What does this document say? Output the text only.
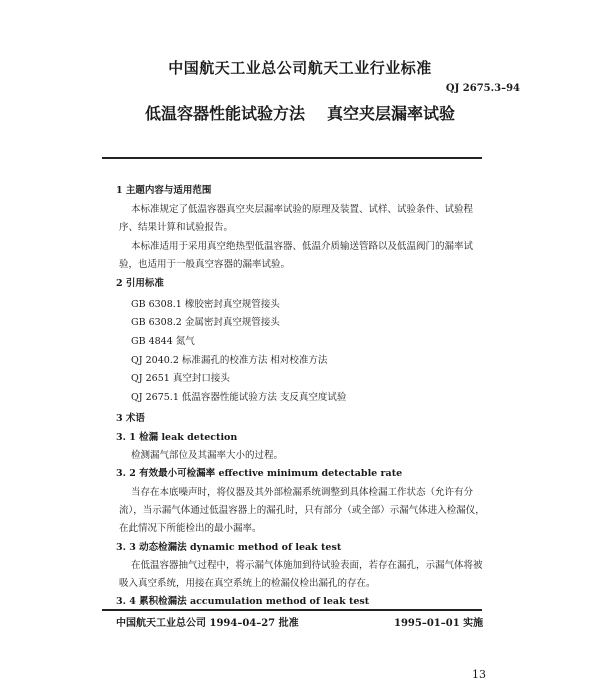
中国航天工业总公司航天工业行业标准
QJ 2675.3–94
低温容器性能试验方法 真空夹层漏率试验
1 主题内容与适用范围
本标准规定了低温容器真空夹层漏率试验的原理及装置、试样、试验条件、试验程
序、结果计算和试验报告。
本标准适用于采用真空绝热型低温容器、低温介质输送管路以及低温阀门的漏率试
验，也适用于一般真空容器的漏率试验。
2 引用标准
GB 6308.1 橡胶密封真空规管接头
GB 6308.2 金属密封真空规管接头
GB 4844 氮气
QJ 2040.2 标准漏孔的校准方法 相对校准方法
QJ 2651 真空封口接头
QJ 2675.1 低温容器性能试验方法 支反真空度试验
3 术语
3. 1 检漏 leak detection
检测漏气部位及其漏率大小的过程。
3. 2 有效最小可检漏率 effective minimum detectable rate
当存在本底噪声时，将仪器及其外部检漏系统调整到具体检漏工作状态（允许有分
流），当示漏气体通过低温容器上的漏孔时，只有部分（或全部）示漏气体进入检漏仪，
在此情况下所能检出的最小漏率。
3. 3 动态检漏法 dynamic method of leak test
在低温容器抽气过程中，将示漏气体施加到待试验表面，若存在漏孔，示漏气体将被
吸入真空系统，用接在真空系统上的检漏仪检出漏孔的存在。
3. 4 累积检漏法 accumulation method of leak test
中国航天工业总公司 1994–04–27 批准	1995–01–01 实施
13
